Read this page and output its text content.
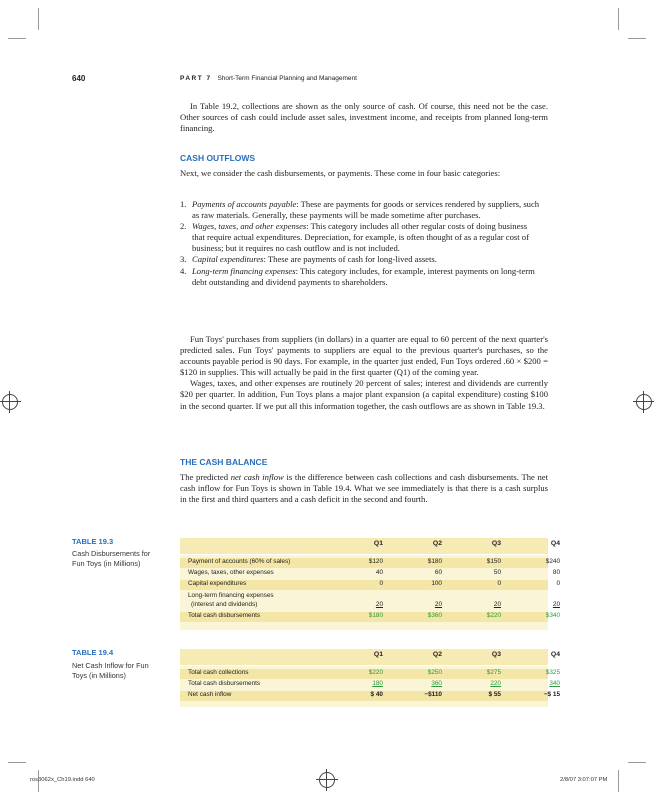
640	PART 7 Short-Term Financial Planning and Management

In Table 19.2, collections are shown as the only source of cash. Of course, this need not be the case. Other sources of cash could include asset sales, investment income, and receipts from planned long-term financing.

CASH OUTFLOWS

Next, we consider the cash disbursements, or payments. These come in four basic categories:

1. Payments of accounts payable: These are payments for goods or services rendered by suppliers, such as raw materials. Generally, these payments will be made sometime after purchases.
2. Wages, taxes, and other expenses: This category includes all other regular costs of doing business that require actual expenditures. Depreciation, for example, is often thought of as a regular cost of business; but it requires no cash outflow and is not included.
3. Capital expenditures: These are payments of cash for long-lived assets.
4. Long-term financing expenses: This category includes, for example, interest payments on long-term debt outstanding and dividend payments to shareholders.

Fun Toys' purchases from suppliers (in dollars) in a quarter are equal to 60 percent of the next quarter's predicted sales. Fun Toys' payments to suppliers are equal to the previous quarter's purchases, so the accounts payable period is 90 days. For example, in the quarter just ended, Fun Toys ordered .60 × $200 = $120 in supplies. This will actually be paid in the first quarter (Q1) of the coming year.

Wages, taxes, and other expenses are routinely 20 percent of sales; interest and dividends are currently $20 per quarter. In addition, Fun Toys plans a major plant expansion (a capital expenditure) costing $100 in the second quarter. If we put all this information together, the cash outflows are as shown in Table 19.3.

THE CASH BALANCE

The predicted net cash inflow is the difference between cash collections and cash disbursements. The net cash inflow for Fun Toys is shown in Table 19.4. What we see immediately is that there is a cash surplus in the first and third quarters and a cash deficit in the second and fourth.

TABLE 19.3
Cash Disbursements for Fun Toys (in Millions)
Q1	Q2	Q3	Q4
Payment of accounts (60% of sales)	$120	$180	$150	$240
Wages, taxes, other expenses	40	60	50	80
Capital expenditures	0	100	0	0
Long-term financing expenses
(interest and dividends)	20	20	20	20
Total cash disbursements	$180	$360	$220	$340
TABLE 19.4
Net Cash Inflow for Fun Toys (in Millions)
Q1	Q2	Q3	Q4
Total cash collections	$220	$250	$275	$325
Total cash disbursements	180	360	220	340
Net cash inflow	$ 40	−$110	$ 55	−$ 15
ros3062x_Ch19.indd 640	2/8/07 3:07:07 PM
